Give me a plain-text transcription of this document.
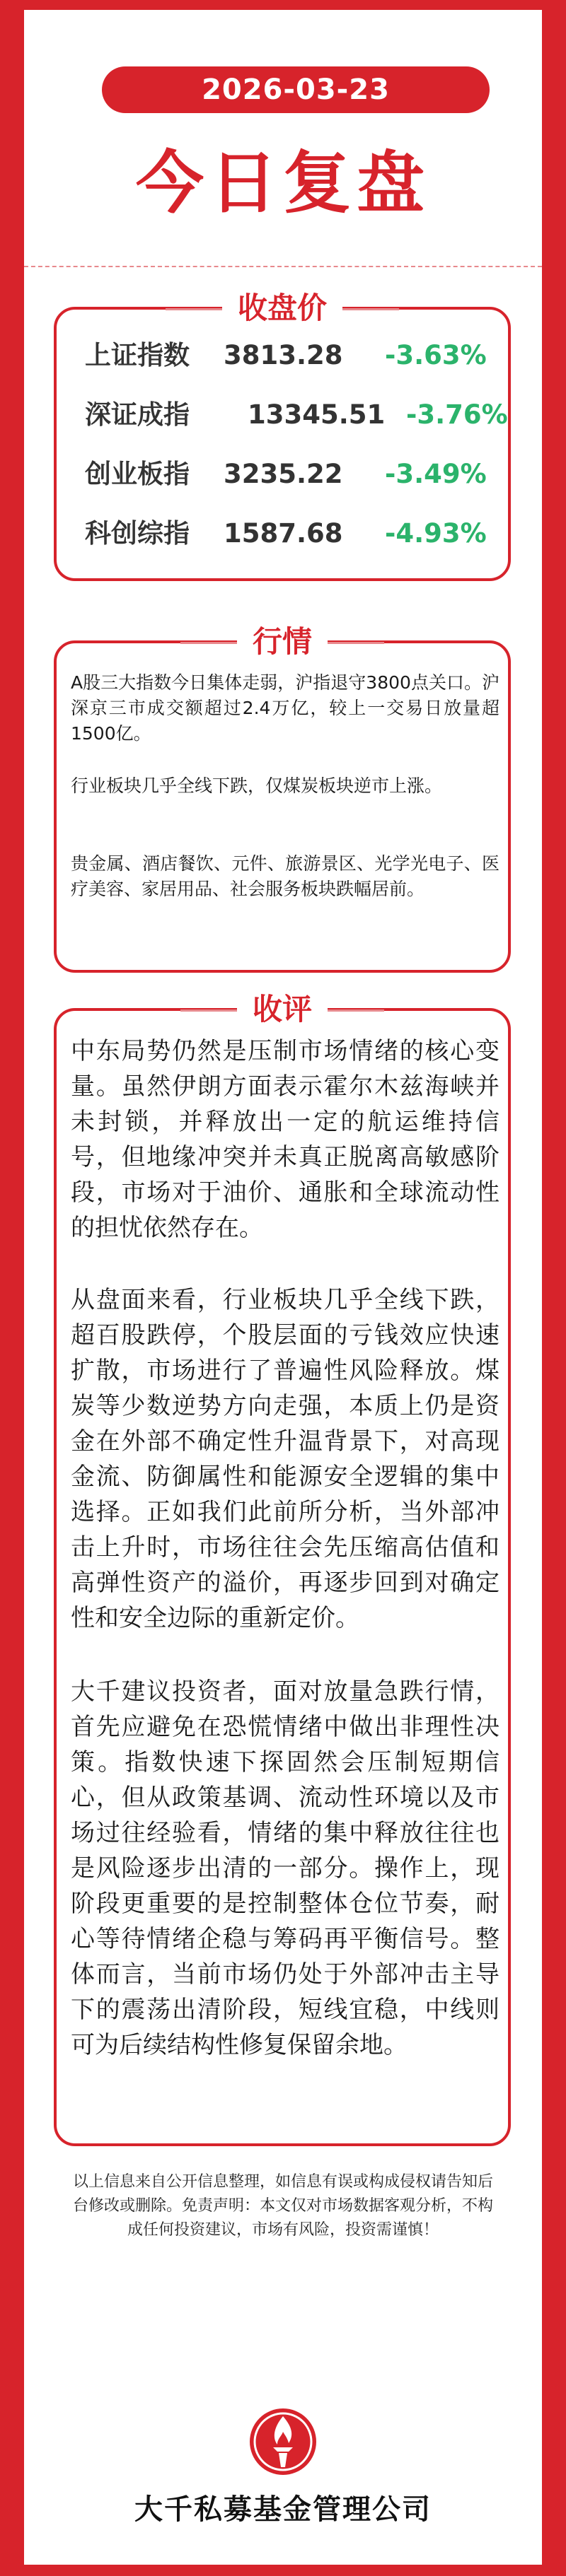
2026-03-23
今日复盘
收盘价
上证指数 3813.28 -3.63%
深证成指 13345.51 -3.76%
创业板指 3235.22 -3.49%
科创综指 1587.68 -4.93%
行情

A股三大指数今日集体走弱，沪指退守3800点关口。沪深京三市成交额超过2.4万亿，较上一交易日放量超1500亿。

行业板块几乎全线下跌，仅煤炭板块逆市上涨。

贵金属、酒店餐饮、元件、旅游景区、光学光电子、医疗美容、家居用品、社会服务板块跌幅居前。

收评

中东局势仍然是压制市场情绪的核心变量。虽然伊朗方面表示霍尔木兹海峡并未封锁，并释放出一定的航运维持信号，但地缘冲突并未真正脱离高敏感阶段，市场对于油价、通胀和全球流动性的担忧依然存在。

从盘面来看，行业板块几乎全线下跌，超百股跌停，个股层面的亏钱效应快速扩散，市场进行了普遍性风险释放。煤炭等少数逆势方向走强，本质上仍是资金在外部不确定性升温背景下，对高现金流、防御属性和能源安全逻辑的集中选择。正如我们此前所分析，当外部冲击上升时，市场往往会先压缩高估值和高弹性资产的溢价，再逐步回到对确定性和安全边际的重新定价。

大千建议投资者，面对放量急跌行情，首先应避免在恐慌情绪中做出非理性决策。指数快速下探固然会压制短期信心，但从政策基调、流动性环境以及市场过往经验看，情绪的集中释放往往也是风险逐步出清的一部分。操作上，现阶段更重要的是控制整体仓位节奏，耐心等待情绪企稳与筹码再平衡信号。整体而言，当前市场仍处于外部冲击主导下的震荡出清阶段，短线宜稳，中线则可为后续结构性修复保留余地。

以上信息来自公开信息整理，如信息有误或构成侵权请告知后台修改或删除。免责声明：本文仅对市场数据客观分析，不构成任何投资建议，市场有风险，投资需谨慎！

大千私募基金管理公司
